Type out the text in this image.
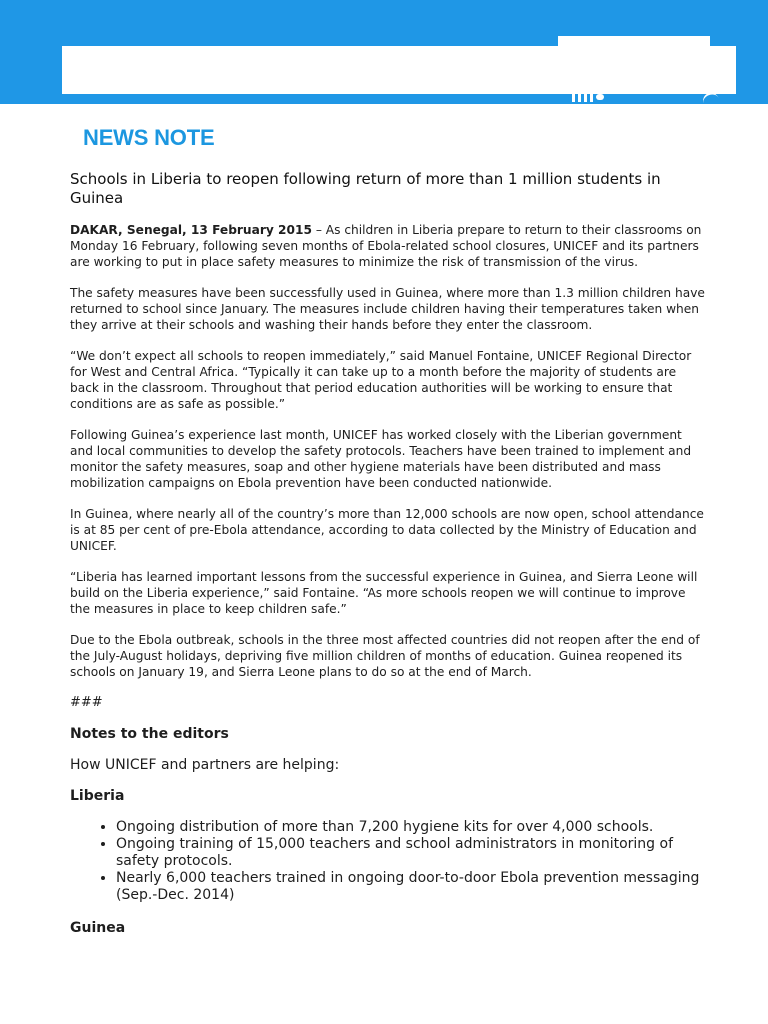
NEWS NOTE
Schools in Liberia to reopen following return of more than 1 million students in Guinea

DAKAR, Senegal, 13 February 2015 – As children in Liberia prepare to return to their classrooms on Monday 16 February, following seven months of Ebola-related school closures, UNICEF and its partners are working to put in place safety measures to minimize the risk of transmission of the virus.

The safety measures have been successfully used in Guinea, where more than 1.3 million children have returned to school since January. The measures include children having their temperatures taken when they arrive at their schools and washing their hands before they enter the classroom.

“We don’t expect all schools to reopen immediately,” said Manuel Fontaine, UNICEF Regional Director for West and Central Africa. “Typically it can take up to a month before the majority of students are back in the classroom. Throughout that period education authorities will be working to ensure that conditions are as safe as possible.”

Following Guinea’s experience last month, UNICEF has worked closely with the Liberian government and local communities to develop the safety protocols. Teachers have been trained to implement and monitor the safety measures, soap and other hygiene materials have been distributed and mass mobilization campaigns on Ebola prevention have been conducted nationwide.

In Guinea, where nearly all of the country’s more than 12,000 schools are now open, school attendance is at 85 per cent of pre-Ebola attendance, according to data collected by the Ministry of Education and UNICEF.

“Liberia has learned important lessons from the successful experience in Guinea, and Sierra Leone will build on the Liberia experience,” said Fontaine. “As more schools reopen we will continue to improve the measures in place to keep children safe.”

Due to the Ebola outbreak, schools in the three most affected countries did not reopen after the end of the July-August holidays, depriving five million children of months of education. Guinea reopened its schools on January 19, and Sierra Leone plans to do so at the end of March.

###

Notes to the editors

How UNICEF and partners are helping:

Liberia

• Ongoing distribution of more than 7,200 hygiene kits for over 4,000 schools.
• Ongoing training of 15,000 teachers and school administrators in monitoring of safety protocols.
• Nearly 6,000 teachers trained in ongoing door-to-door Ebola prevention messaging (Sep.-Dec. 2014)

Guinea
